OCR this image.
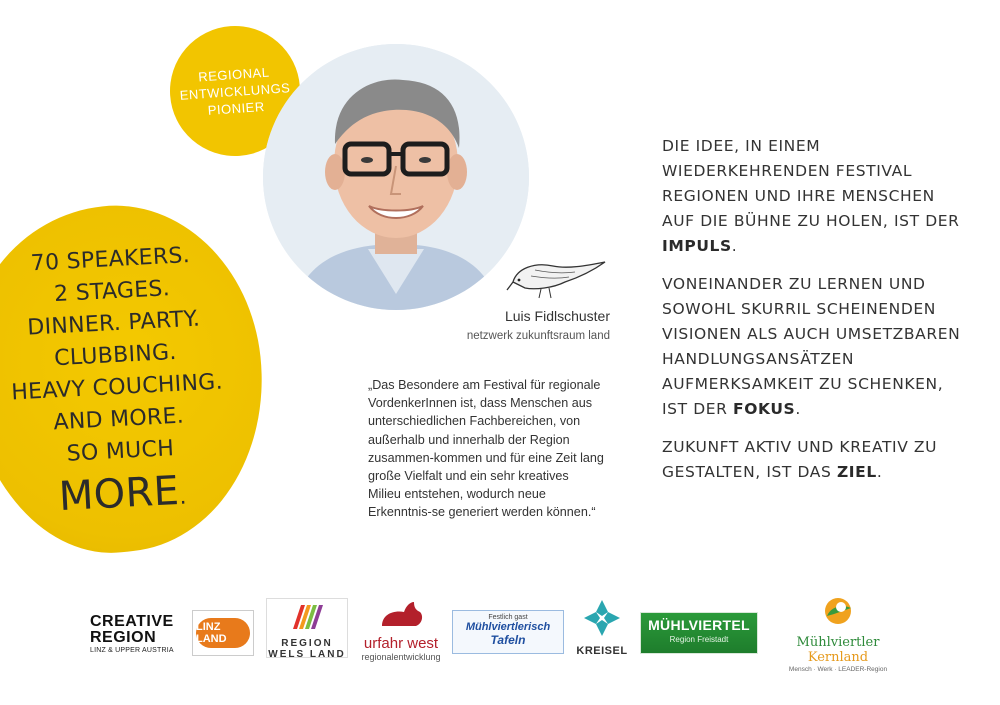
REGIONAL
ENTWICKLUNGS
PIONIER
70 SPEAKERS.
2 STAGES.
DINNER. PARTY.
CLUBBING.
HEAVY COUCHING.
AND MORE.
SO MUCH
MORE.
Luis Fidlschuster
netzwerk zukunftsraum land
„Das Besondere am Festival für regionale VordenkerInnen ist, dass Menschen aus unterschiedlichen Fachbereichen, von außerhalb und innerhalb der Region zusammen-kommen und für eine Zeit lang große Vielfalt und ein sehr kreatives Milieu entstehen, wodurch neue Erkenntnis-se generiert werden können.“

DIE IDEE, IN EINEM WIEDERKEHRENDEN FESTIVAL REGIONEN UND IHRE MENSCHEN AUF DIE BÜHNE ZU HOLEN, IST DER IMPULS.

VONEINANDER ZU LERNEN UND SOWOHL SKURRIL SCHEINENDEN VISIONEN ALS AUCH UMSETZBAREN HANDLUNGSANSÄTZEN AUFMERKSAMKEIT ZU SCHENKEN, IST DER FOKUS.

ZUKUNFT AKTIV UND KREATIV ZU GESTALTEN, IST DAS ZIEL.

CREATIVE
REGION
LINZ & UPPER AUSTRIA
LINZ LAND	REGION
WELS LAND
urfahr west
regionalentwicklung
Festlich gast
Mühlviertlerisch
Tafeln
KREISEL
MÜHLVIERTEL
Region Freistadt	Mühlviertler Kernland
Mensch · Werk · LEADER-Region
